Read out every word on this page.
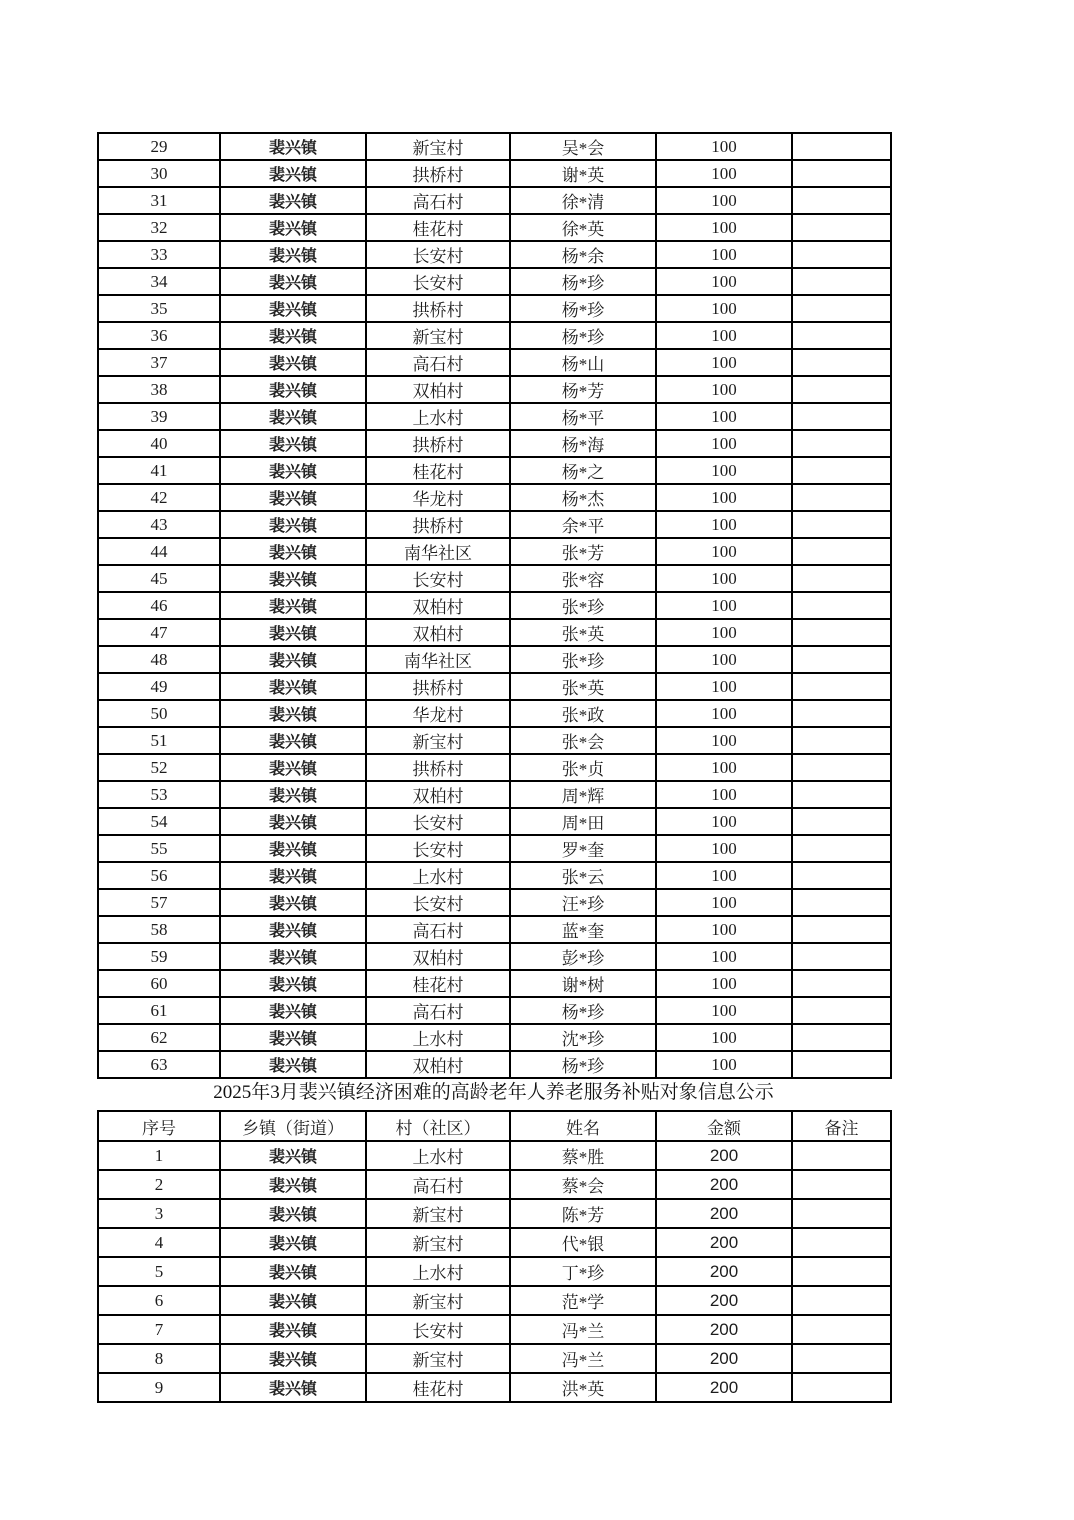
29	裴兴镇	新宝村	吴*会	100	
30	裴兴镇	拱桥村	谢*英	100	
31	裴兴镇	高石村	徐*清	100	
32	裴兴镇	桂花村	徐*英	100	
33	裴兴镇	长安村	杨*余	100	
34	裴兴镇	长安村	杨*珍	100	
35	裴兴镇	拱桥村	杨*珍	100	
36	裴兴镇	新宝村	杨*珍	100	
37	裴兴镇	高石村	杨*山	100	
38	裴兴镇	双柏村	杨*芳	100	
39	裴兴镇	上水村	杨*平	100	
40	裴兴镇	拱桥村	杨*海	100	
41	裴兴镇	桂花村	杨*之	100	
42	裴兴镇	华龙村	杨*杰	100	
43	裴兴镇	拱桥村	余*平	100	
44	裴兴镇	南华社区	张*芳	100	
45	裴兴镇	长安村	张*容	100	
46	裴兴镇	双柏村	张*珍	100	
47	裴兴镇	双柏村	张*英	100	
48	裴兴镇	南华社区	张*珍	100	
49	裴兴镇	拱桥村	张*英	100	
50	裴兴镇	华龙村	张*政	100	
51	裴兴镇	新宝村	张*会	100	
52	裴兴镇	拱桥村	张*贞	100	
53	裴兴镇	双柏村	周*辉	100	
54	裴兴镇	长安村	周*田	100	
55	裴兴镇	长安村	罗*奎	100	
56	裴兴镇	上水村	张*云	100	
57	裴兴镇	长安村	汪*珍	100	
58	裴兴镇	高石村	蓝*奎	100	
59	裴兴镇	双柏村	彭*珍	100	
60	裴兴镇	桂花村	谢*树	100	
61	裴兴镇	高石村	杨*珍	100	
62	裴兴镇	上水村	沈*珍	100	
63	裴兴镇	双柏村	杨*珍	100	
2025年3月裴兴镇经济困难的高龄老年人养老服务补贴对象信息公示
序号	乡镇（街道）	村（社区）	姓名	金额	备注
1	裴兴镇	上水村	蔡*胜	200	
2	裴兴镇	高石村	蔡*会	200	
3	裴兴镇	新宝村	陈*芳	200	
4	裴兴镇	新宝村	代*银	200	
5	裴兴镇	上水村	丁*珍	200	
6	裴兴镇	新宝村	范*学	200	
7	裴兴镇	长安村	冯*兰	200	
8	裴兴镇	新宝村	冯*兰	200	
9	裴兴镇	桂花村	洪*英	200	
